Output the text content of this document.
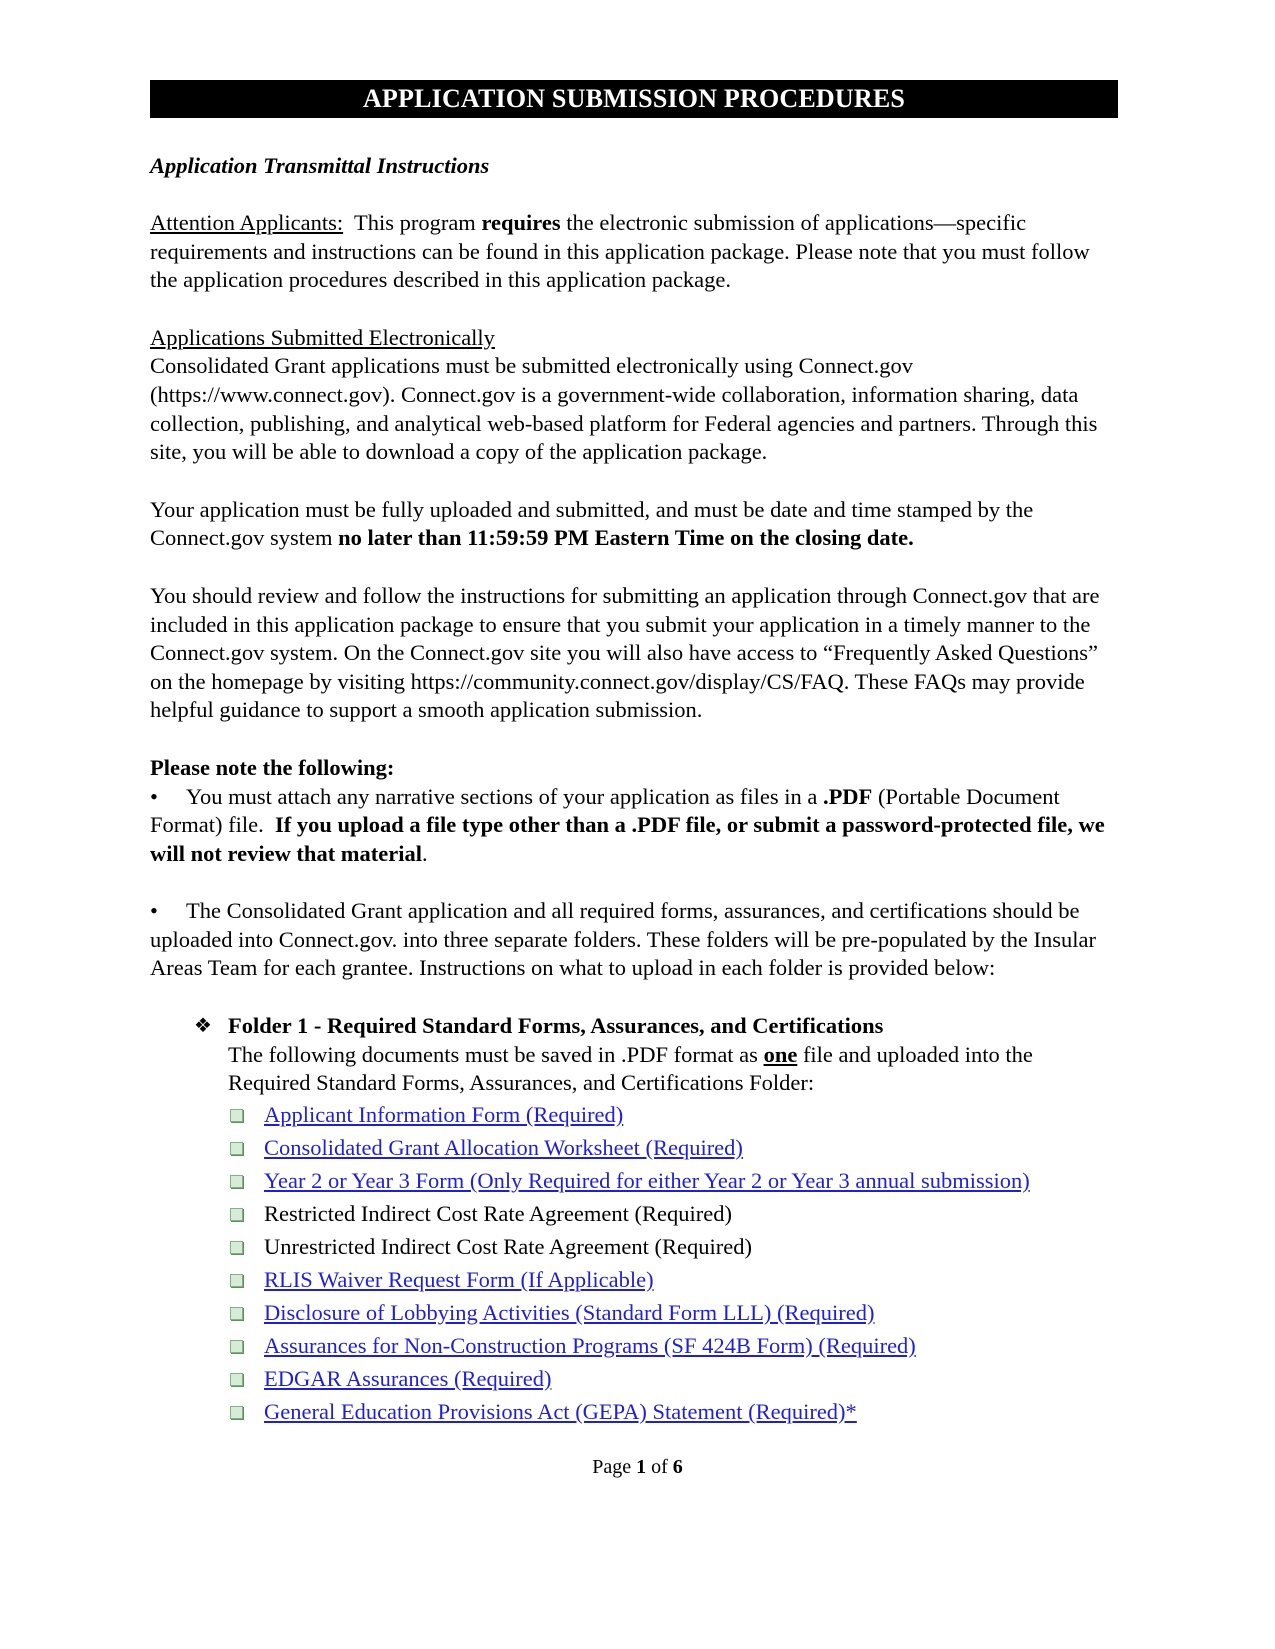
APPLICATION SUBMISSION PROCEDURES
Application Transmittal Instructions

Attention Applicants:  This program requires the electronic submission of applications—specific requirements and instructions can be found in this application package. Please note that you must follow the application procedures described in this application package.

Applications Submitted Electronically
Consolidated Grant applications must be submitted electronically using Connect.gov (https://www.connect.gov). Connect.gov is a government-wide collaboration, information sharing, data collection, publishing, and analytical web-based platform for Federal agencies and partners. Through this site, you will be able to download a copy of the application package.

Your application must be fully uploaded and submitted, and must be date and time stamped by the Connect.gov system no later than 11:59:59 PM Eastern Time on the closing date.

You should review and follow the instructions for submitting an application through Connect.gov that are included in this application package to ensure that you submit your application in a timely manner to the Connect.gov system. On the Connect.gov site you will also have access to “Frequently Asked Questions” on the homepage by visiting https://community.connect.gov/display/CS/FAQ. These FAQs may provide helpful guidance to support a smooth application submission.

Please note the following:

• You must attach any narrative sections of your application as files in a .PDF (Portable Document Format) file.  If you upload a file type other than a .PDF file, or submit a password-protected file, we will not review that material.

• The Consolidated Grant application and all required forms, assurances, and certifications should be uploaded into Connect.gov. into three separate folders. These folders will be pre-populated by the Insular Areas Team for each grantee. Instructions on what to upload in each folder is provided below:

❖ Folder 1 - Required Standard Forms, Assurances, and Certifications
The following documents must be saved in .PDF format as one file and uploaded into the Required Standard Forms, Assurances, and Certifications Folder:
Applicant Information Form (Required)
Consolidated Grant Allocation Worksheet (Required)
Year 2 or Year 3 Form (Only Required for either Year 2 or Year 3 annual submission)
Restricted Indirect Cost Rate Agreement (Required)
Unrestricted Indirect Cost Rate Agreement (Required)
RLIS Waiver Request Form (If Applicable)
Disclosure of Lobbying Activities (Standard Form LLL) (Required)
Assurances for Non-Construction Programs (SF 424B Form) (Required)
EDGAR Assurances (Required)
General Education Provisions Act (GEPA) Statement (Required)*
Page 1 of 6
